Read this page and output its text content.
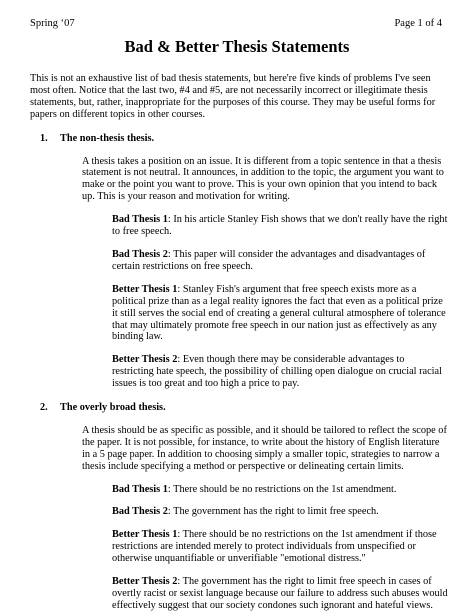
Spring ‘07	Page 1 of 4
Bad & Better Thesis Statements

This is not an exhaustive list of bad thesis statements, but here're five kinds of problems I've seen most often. Notice that the last two, #4 and #5, are not necessarily incorrect or illegitimate thesis statements, but, rather, inappropriate for the purposes of this course. They may be useful forms for papers on different topics in other courses.

1.	The non-thesis thesis.

A thesis takes a position on an issue. It is different from a topic sentence in that a thesis statement is not neutral. It announces, in addition to the topic, the argument you want to make or the point you want to prove. This is your own opinion that you intend to back up. This is your reason and motivation for writing.

Bad Thesis 1: In his article Stanley Fish shows that we don't really have the right to free speech.

Bad Thesis 2: This paper will consider the advantages and disadvantages of certain restrictions on free speech.

Better Thesis 1: Stanley Fish's argument that free speech exists more as a political prize than as a legal reality ignores the fact that even as a political prize it still serves the social end of creating a general cultural atmosphere of tolerance that may ultimately promote free speech in our nation just as effectively as any binding law.

Better Thesis 2: Even though there may be considerable advantages to restricting hate speech, the possibility of chilling open dialogue on crucial racial issues is too great and too high a price to pay.

2.	The overly broad thesis.

A thesis should be as specific as possible, and it should be tailored to reflect the scope of the paper. It is not possible, for instance, to write about the history of English literature in a 5 page paper. In addition to choosing simply a smaller topic, strategies to narrow a thesis include specifying a method or perspective or delineating certain limits.

Bad Thesis 1: There should be no restrictions on the 1st amendment.

Bad Thesis 2: The government has the right to limit free speech.

Better Thesis 1: There should be no restrictions on the 1st amendment if those restrictions are intended merely to protect individuals from unspecified or otherwise unquantifiable or unverifiable "emotional distress."

Better Thesis 2: The government has the right to limit free speech in cases of overtly racist or sexist language because our failure to address such abuses would effectively suggest that our society condones such ignorant and hateful views.
